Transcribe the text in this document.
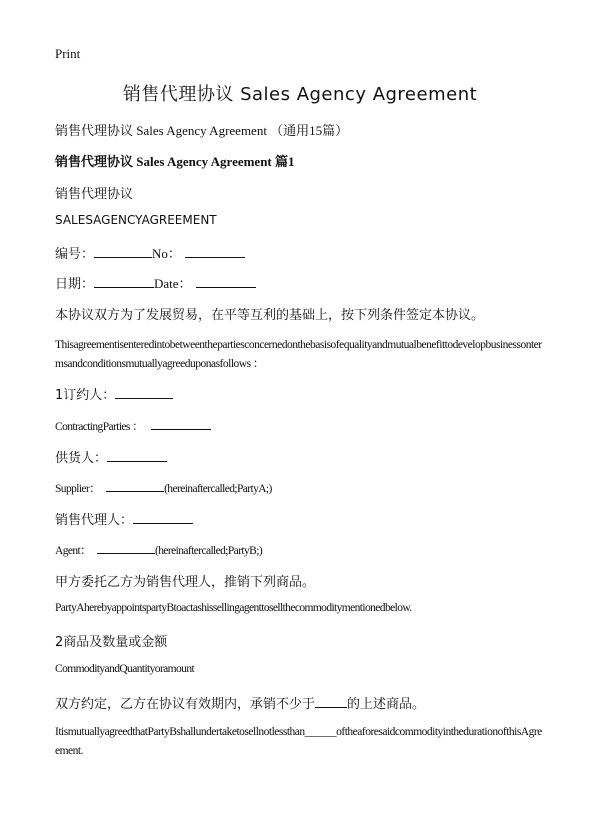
Print
销售代理协议 Sales Agency Agreement
销售代理协议 Sales Agency Agreement （通用15篇）
销售代理协议 Sales Agency Agreement 篇1
销售代理协议
SALESAGENCYAGREEMENT
编号：	No：
日期：	Date：
本协议双方为了发展贸易，在平等互利的基础上，按下列条件签定本协议。
Thisagreementisenteredintobetweenthepartiesconcernedonthebasisofequalityandmutualbenefittodevelopbusinessontermsandconditionsmutuallyagreeduponasfollows ：
1订约人：
ContractingParties ：
供货人：
Supplier：	(hereinaftercalled;PartyA;)
销售代理人：
Agent：	(hereinaftercalled;PartyB;)
甲方委托乙方为销售代理人，推销下列商品。
PartyAherebyappointspartyBtoactashissellingagenttosellthecommoditymentionedbelow.
2商品及数量或金额
CommodityandQuantityoramount
双方约定，乙方在协议有效期内，承销不少于 的上述商品。
ItismutuallyagreedthatPartyBshallundertaketosellnotlessthan______oftheaforesaidcommodityinthedurationofthisAgreement.
